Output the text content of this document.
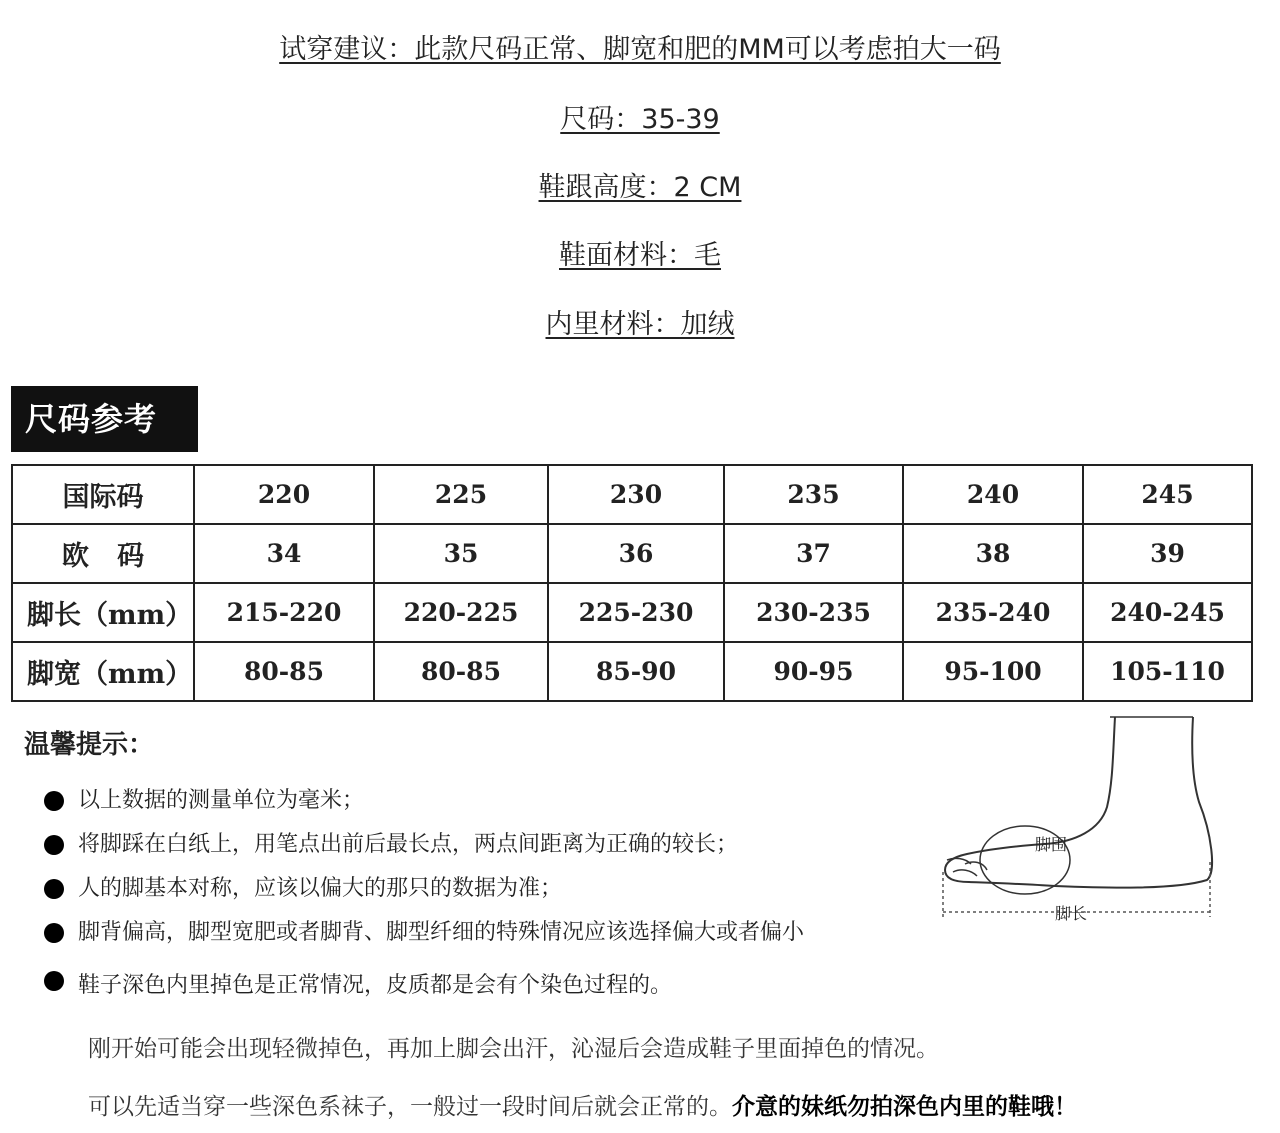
试穿建议：此款尺码正常、脚宽和肥的MM可以考虑拍大一码
尺码：35-39
鞋跟高度：2 CM
鞋面材料：毛
内里材料：加绒
尺码参考
国际码	220	225	230	235	240	245
欧   码	34	35	36	37	38	39
脚长（mm）	215-220	220-225	225-230	230-235	235-240	240-245
脚宽（mm）	80-85	80-85	85-90	90-95	95-100	105-110
温馨提示：
以上数据的测量单位为毫米；
将脚踩在白纸上，用笔点出前后最长点，两点间距离为正确的较长；
人的脚基本对称，应该以偏大的那只的数据为准；
脚背偏高，脚型宽肥或者脚背、脚型纤细的特殊情况应该选择偏大或者偏小
鞋子深色内里掉色是正常情况，皮质都是会有个染色过程的。
刚开始可能会出现轻微掉色，再加上脚会出汗，沁湿后会造成鞋子里面掉色的情况。
可以先适当穿一些深色系袜子，一般过一段时间后就会正常的。介意的妹纸勿拍深色内里的鞋哦！
脚围
脚长
